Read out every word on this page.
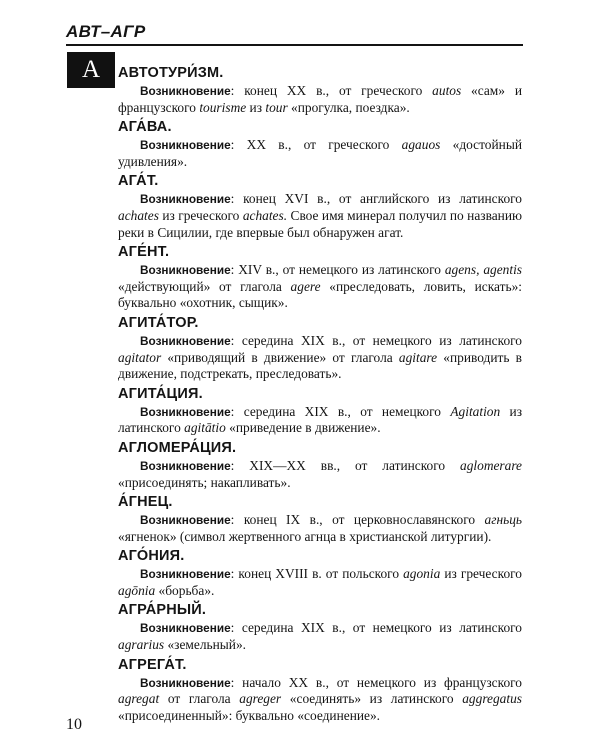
АВТ–АГР
А	АВТОТУРИ́ЗМ.

Возникновение: конец XX в., от греческого autos «сам» и французского tourisme из tour «прогулка, поездка».

АГА́ВА.

Возникновение: XX в., от греческого agauos «достойный удивления».

АГА́Т.

Возникновение: конец XVI в., от английского из латинского achates из греческого achates. Свое имя минерал получил по названию реки в Сицилии, где впервые был обнаружен агат.

АГЕ́НТ.

Возникновение: XIV в., от немецкого из латинского agens, agentis «действующий» от глагола agere «преследовать, ловить, искать»: буквально «охотник, сыщик».

АГИТА́ТОР.

Возникновение: середина XIX в., от немецкого из латинского agitator «приводящий в движение» от глагола agitare «приводить в движение, подстрекать, преследовать».

АГИТА́ЦИЯ.

Возникновение: середина XIX в., от немецкого Agitation из латинского agitātio «приведение в движение».

АГЛОМЕРА́ЦИЯ.

Возникновение: XIX—XX вв., от латинского aglomerare «присоединять; накапливать».

А́ГНЕЦ.

Возникновение: конец IX в., от церковнославянского агньць «ягненок» (символ жертвенного агнца в христианской литургии).

АГО́НИЯ.

Возникновение: конец XVIII в. от польского agonia из греческого agōnia «борьба».

АГРА́РНЫЙ.

Возникновение: середина XIX в., от немецкого из латинского agrarius «земельный».

АГРЕГА́Т.

Возникновение: начало XX в., от немецкого из французского agregat от глагола agreger «соединять» из латинского aggregatus «присоединенный»: буквально «соединение».

10
